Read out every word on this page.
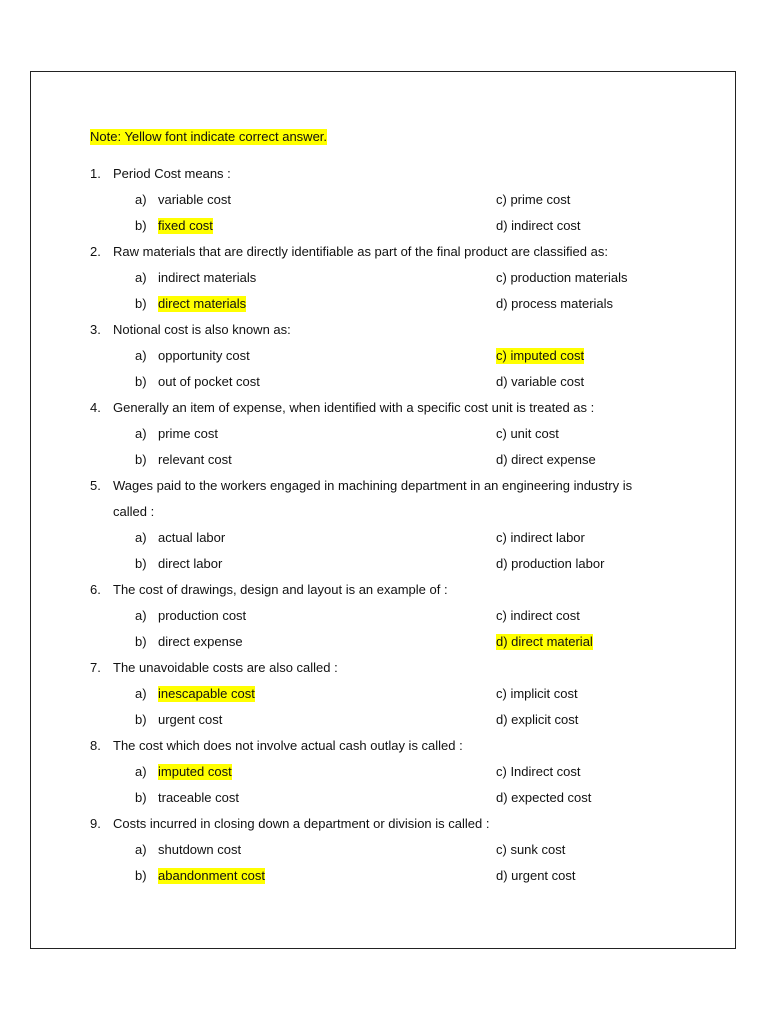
Note: Yellow font indicate correct answer.
1. Period Cost means :
a) variable cost	c) prime cost
b) fixed cost	d) indirect cost
2. Raw materials that are directly identifiable as part of the final product are classified as:
a) indirect materials	c) production materials
b) direct materials	d) process materials
3. Notional cost is also known as:
a) opportunity cost	c) imputed cost
b) out of pocket cost	d) variable cost
4. Generally an item of expense, when identified with a specific cost unit is treated as :
a) prime cost	c) unit cost
b) relevant cost	d) direct expense
5. Wages paid to the workers engaged in machining department in an engineering industry is
called :
a) actual labor	c) indirect labor
b) direct labor	d) production labor
6. The cost of drawings, design and layout is an example of :
a) production cost	c) indirect cost
b) direct expense	d) direct material
7. The unavoidable costs are also called :
a) inescapable cost	c) implicit cost
b) urgent cost	d) explicit cost
8. The cost which does not involve actual cash outlay is called :
a) imputed cost	c) Indirect cost
b) traceable cost	d) expected cost
9. Costs incurred in closing down a department or division is called :
a) shutdown cost	c) sunk cost
b) abandonment cost	d) urgent cost
